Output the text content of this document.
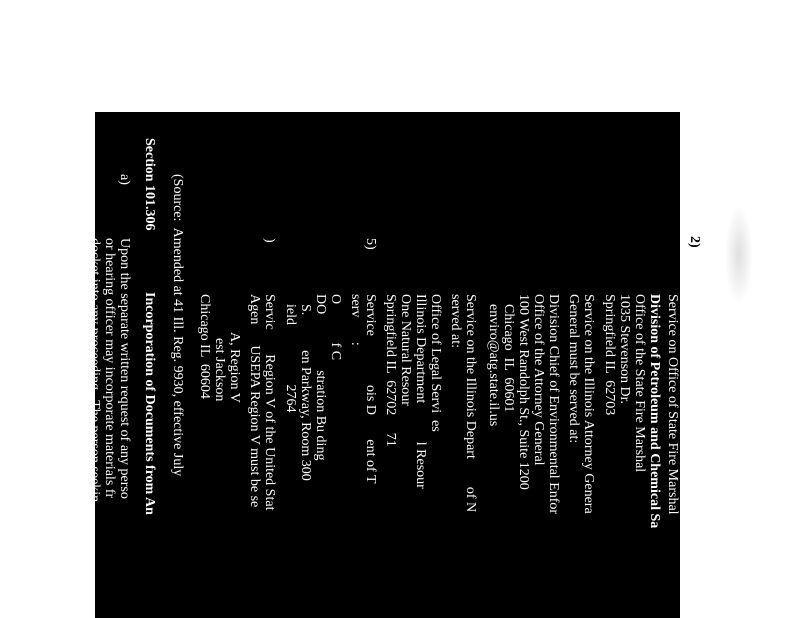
2)
Service on Office of State Fire Marshal
Division of Petroleum and Chemical Sa
Office of the State Fire Marshal
1035 Stevenson Dr.
Springfield IL  62703
Service on the Illinois Attorney Genera
General must be served at:
Division Chief of Environmental Enfor
Office of the Attorney General
100 West Randolph St., Suite 1200
Chicago  IL  60601
enviro@atg.state.il.us
Service on the Illinois Depart        of N
served at:
Office of Legal Servi  es
Illinois Department           l Resour
One Natural Resour
Springfield IL  62702     71
5)
Service              ois D       ent of T
serv       :
O           f C
DO                stration Bu ding
S.          en Parkway, Room 300
ield                 2764
)
Servic       Region V of the United Stat
Agen      USEPA Region V must be se
A, Region V
est Jackson
Chicago IL  60604
(Source:  Amended at 41 Ill. Reg. 9930, effective July
Section 101.306
Incorporation of Documents from An
a)
Upon the separate written request of any perso
or hearing officer may incorporate materials fr
docket into any proceeding.  The person seekin
